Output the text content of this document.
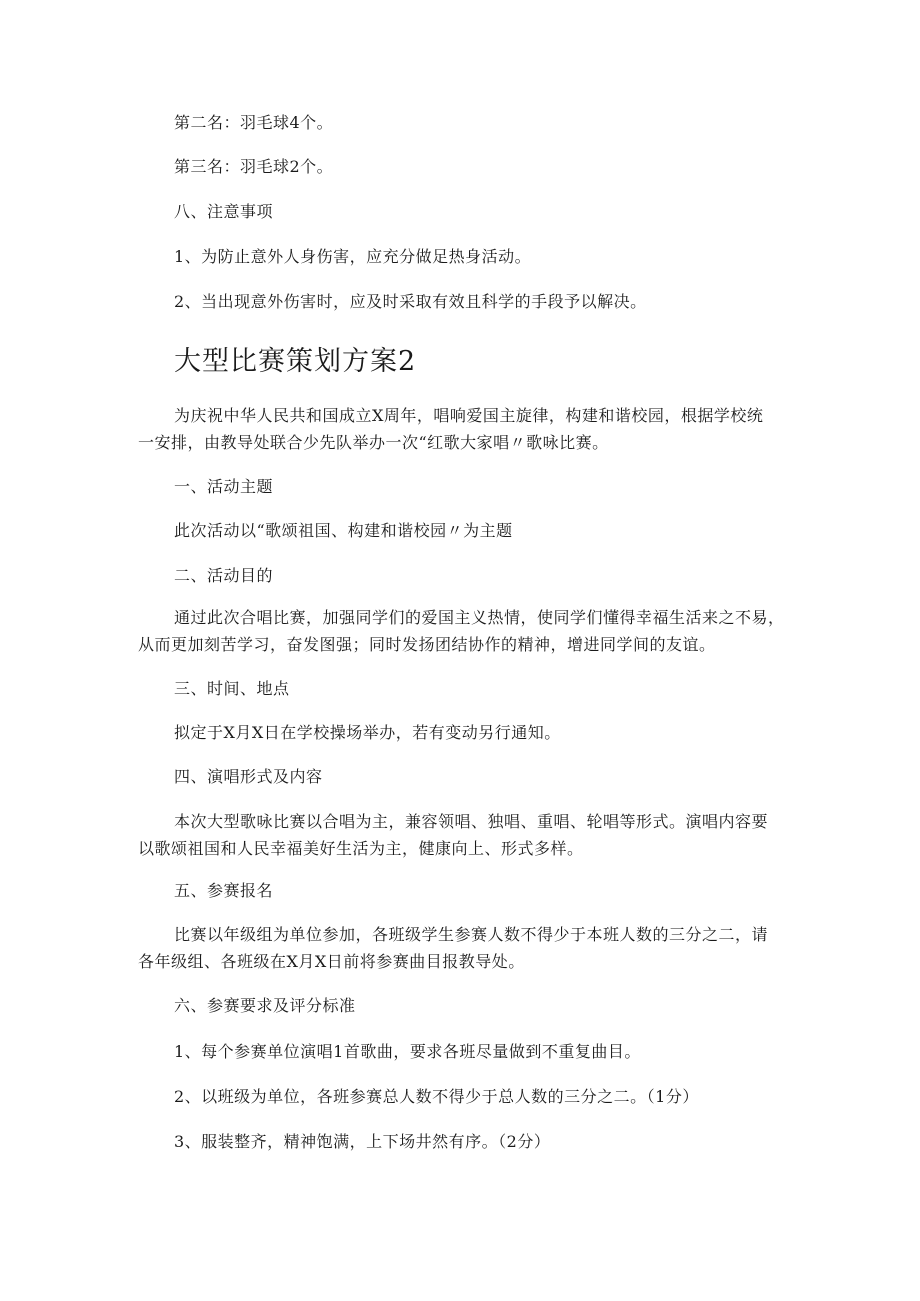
第二名：羽毛球4个。

第三名：羽毛球2个。

八、注意事项

1、为防止意外人身伤害，应充分做足热身活动。

2、当出现意外伤害时，应及时采取有效且科学的手段予以解决。

大型比赛策划方案2

为庆祝中华人民共和国成立X周年，唱响爱国主旋律，构建和谐校园，根据学校统

一安排，由教导处联合少先队举办一次“红歌大家唱〃歌咏比赛。

一、活动主题

此次活动以“歌颂祖国、构建和谐校园〃为主题

二、活动目的

通过此次合唱比赛，加强同学们的爱国主义热情，使同学们懂得幸福生活来之不易，

从而更加刻苦学习，奋发图强；同时发扬团结协作的精神，增进同学间的友谊。

三、时间、地点

拟定于X月X日在学校操场举办，若有变动另行通知。

四、演唱形式及内容

本次大型歌咏比赛以合唱为主，兼容领唱、独唱、重唱、轮唱等形式。演唱内容要

以歌颂祖国和人民幸福美好生活为主，健康向上、形式多样。

五、参赛报名

比赛以年级组为单位参加，各班级学生参赛人数不得少于本班人数的三分之二，请

各年级组、各班级在X月X日前将参赛曲目报教导处。

六、参赛要求及评分标准

1、每个参赛单位演唱1首歌曲，要求各班尽量做到不重复曲目。

2、以班级为单位，各班参赛总人数不得少于总人数的三分之二。（1分）

3、服装整齐，精神饱满，上下场井然有序。（2分）
